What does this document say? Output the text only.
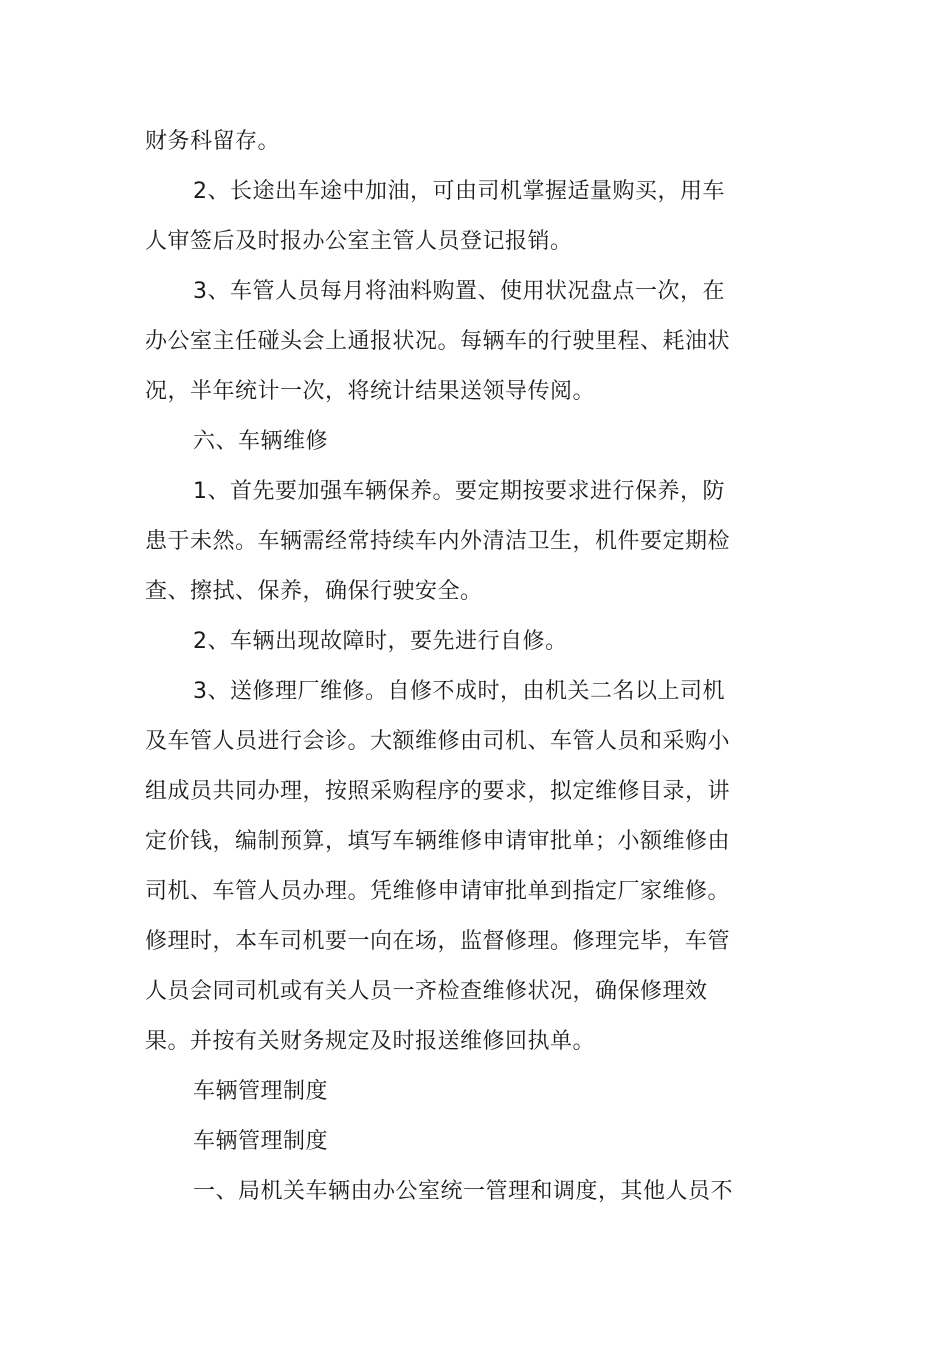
财务科留存。
2、长途出车途中加油，可由司机掌握适量购买，用车
人审签后及时报办公室主管人员登记报销。
3、车管人员每月将油料购置、使用状况盘点一次，在
办公室主任碰头会上通报状况。每辆车的行驶里程、耗油状
况，半年统计一次，将统计结果送领导传阅。
六、车辆维修
1、首先要加强车辆保养。要定期按要求进行保养，防
患于未然。车辆需经常持续车内外清洁卫生，机件要定期检
查、擦拭、保养，确保行驶安全。
2、车辆出现故障时，要先进行自修。
3、送修理厂维修。自修不成时，由机关二名以上司机
及车管人员进行会诊。大额维修由司机、车管人员和采购小
组成员共同办理，按照采购程序的要求，拟定维修目录，讲
定价钱，编制预算，填写车辆维修申请审批单；小额维修由
司机、车管人员办理。凭维修申请审批单到指定厂家维修。
修理时，本车司机要一向在场，监督修理。修理完毕，车管
人员会同司机或有关人员一齐检查维修状况，确保修理效
果。并按有关财务规定及时报送维修回执单。
车辆管理制度
车辆管理制度
一、局机关车辆由办公室统一管理和调度，其他人员不
